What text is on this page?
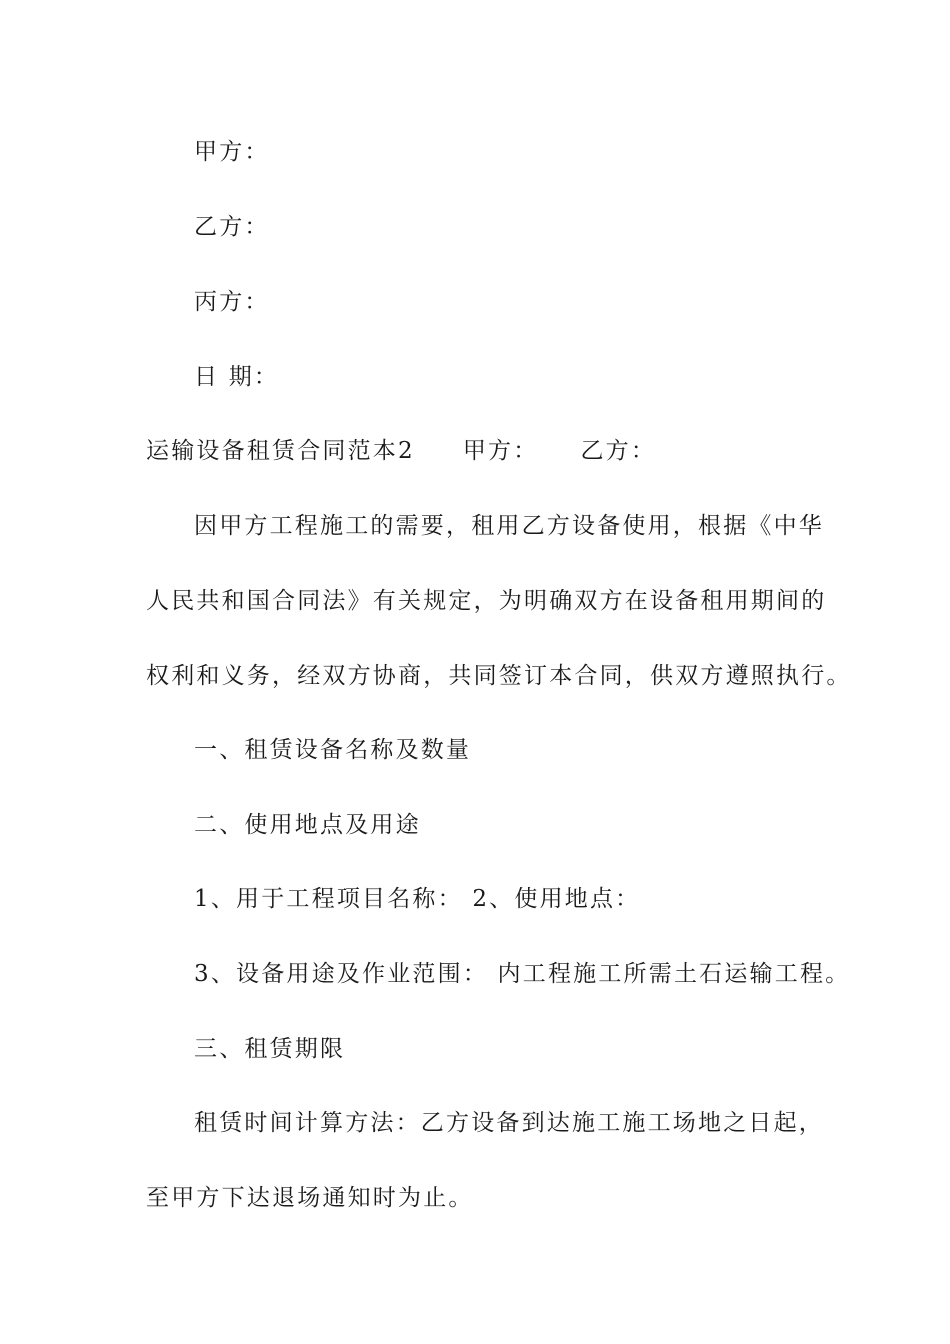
甲方：
乙方：
丙方：
日 期：
运输设备租赁合同范本2 甲方： 乙方：
因甲方工程施工的需要，租用乙方设备使用，根据《中华
人民共和国合同法》有关规定，为明确双方在设备租用期间的
权利和义务，经双方协商，共同签订本合同，供双方遵照执行。
一、租赁设备名称及数量
二、使用地点及用途
1、用于工程项目名称： 2、使用地点：
3、设备用途及作业范围： 内工程施工所需土石运输工程。
三、租赁期限
租赁时间计算方法：乙方设备到达施工施工场地之日起，
至甲方下达退场通知时为止。
